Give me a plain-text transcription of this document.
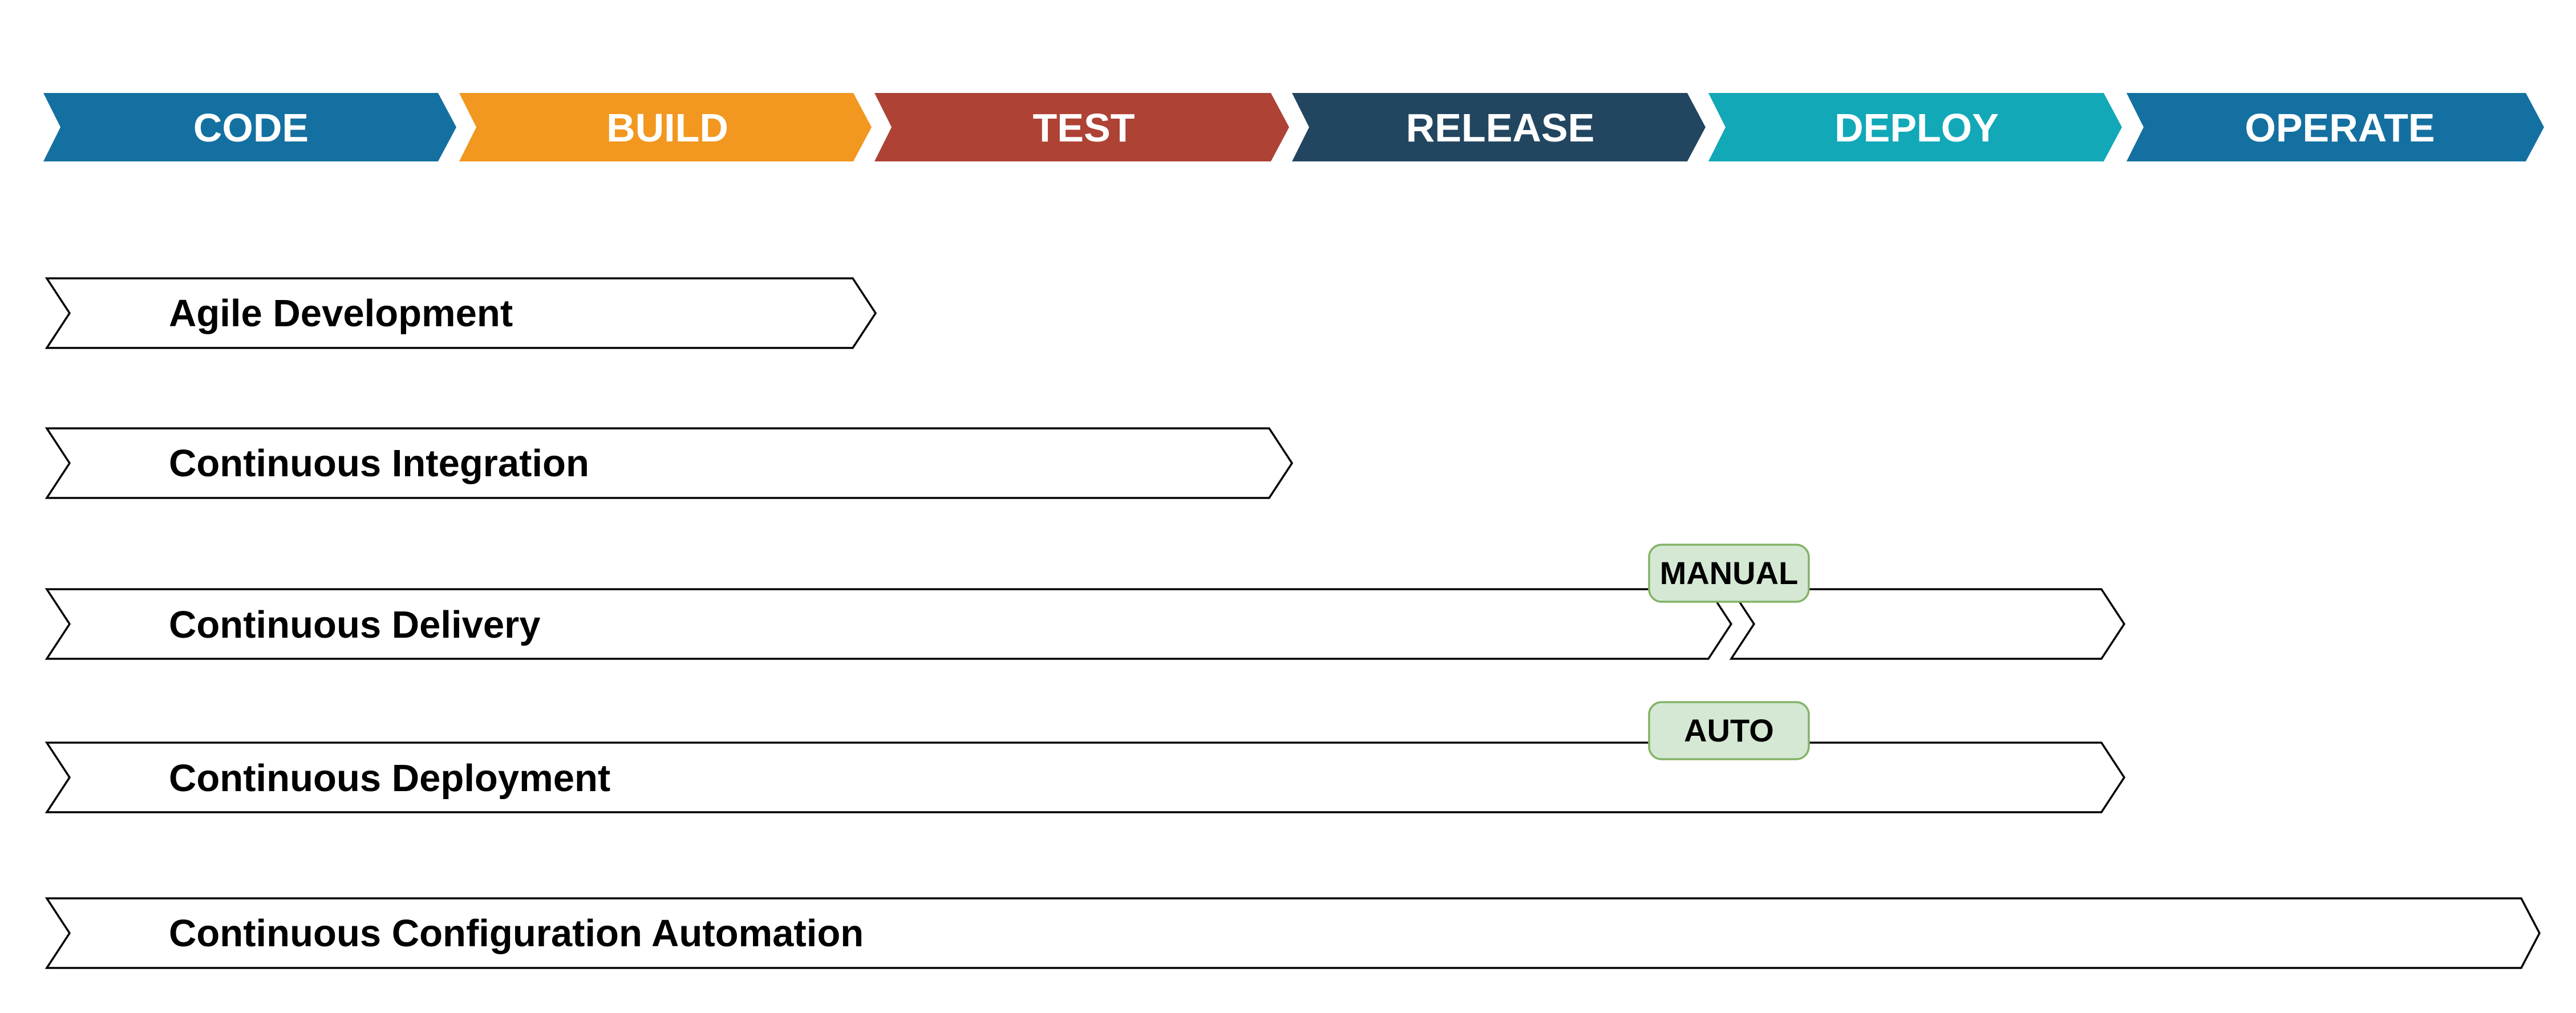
CODE	BUILD	TEST	RELEASE	DEPLOY	OPERATE
Agile Development
Continuous Integration
Continuous Delivery
Continuous Deployment
Continuous Configuration Automation
MANUAL
AUTO
